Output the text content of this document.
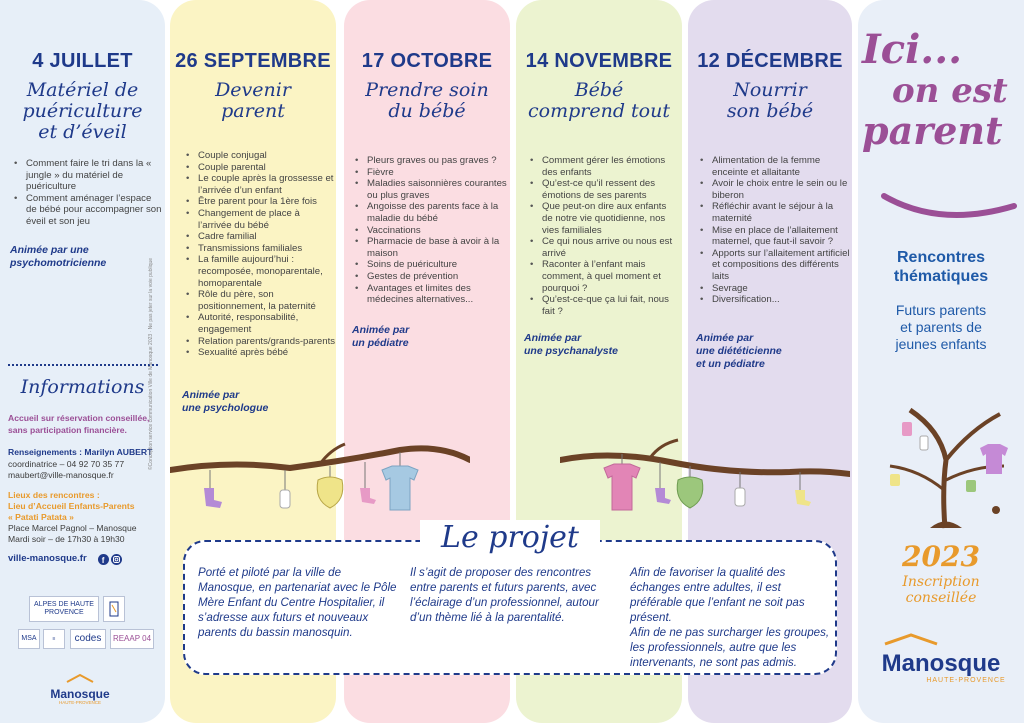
4 JUILLET
Matériel de
puériculture
et d’éveil
• Comment faire le tri dans la « jungle » du matériel de puériculture
• Comment aménager l’espace de bébé pour accompagner son éveil et son jeu
Animée par une
psychomotricienne
Informations
Accueil sur réservation conseillée,
sans participation financière.
Renseignements : Marilyn AUBERT
coordinatrice – 04 92 70 35 77
maubert@ville-manosque.fr
Lieux des rencontres :
Lieu d’Accueil Enfants-Parents
« Patati Patata »
Place Marcel Pagnol – Manosque
Mardi soir – de 17h30 à 19h30
ville-manosque.fr f
ALPES DE HAUTE PROVENCE
MSA	≡	codes REAAP 04
Manosque
HAUTE-PROVENCE
©Conception service communication Ville de Manosque 2023 · Ne pas jeter sur la voie publique
26 SEPTEMBRE
Devenir
parent
• Couple conjugal
• Couple parental
• Le couple après la grossesse et l’arrivée d’un enfant
• Être parent pour la 1ère fois
• Changement de place à l’arrivée du bébé
• Cadre familial
• Transmissions familiales
• La famille aujourd’hui : recomposée, monoparentale, homoparentale
• Rôle du père, son positionnement, la paternité
• Autorité, responsabilité, engagement
• Relation parents/grands-parents
• Sexualité après bébé
Animée par
une psychologue
17 OCTOBRE
Prendre soin
du bébé
• Pleurs graves ou pas graves ?
• Fièvre
• Maladies saisonnières courantes ou plus graves
• Angoisse des parents face à la maladie du bébé
• Vaccinations
• Pharmacie de base à avoir à la maison
• Soins de puériculture
• Gestes de prévention
• Avantages et limites des médecines alternatives...
Animée par
un pédiatre
14 NOVEMBRE
Bébé
comprend tout
• Comment gérer les émotions des enfants
• Qu’est-ce qu’il ressent des émotions de ses parents
• Que peut-on dire aux enfants de notre vie quotidienne, nos vies familiales
• Ce qui nous arrive ou nous est arrivé
• Raconter à l’enfant mais comment, à quel moment et pourquoi ?
• Qu’est-ce-que ça lui fait, nous fait ?
Animée par
une psychanalyste
12 DÉCEMBRE
Nourrir
son bébé
• Alimentation de la femme enceinte et allaitante
• Avoir le choix entre le sein ou le biberon
• Réfléchir avant le séjour à la maternité
• Mise en place de l’allaitement maternel, que faut-il savoir ?
• Apports sur l’allaitement artificiel et compositions des différents laits
• Sevrage
• Diversification...
Animée par
une diététicienne
et un pédiatre
Le projet
Porté et piloté par la ville de Manosque, en partenariat avec le Pôle Mère Enfant du Centre Hospitalier, il s’adresse aux futurs et nouveaux parents du bassin manosquin.
Il s’agit de proposer des rencontres entre parents et futurs parents, avec l’éclairage d’un professionnel, autour d’un thème lié à la parentalité.
Afin de favoriser la qualité des échanges entre adultes, il est préférable que l’enfant ne soit pas présent.
Afin de ne pas surcharger les groupes, les professionnels, autre que les intervenants, ne sont pas admis.
Ici...
on est
parent
Rencontres
thématiques
Futurs parents
et parents de
jeunes enfants
2023
Inscription
conseillée
Manosque
HAUTE-PROVENCE
